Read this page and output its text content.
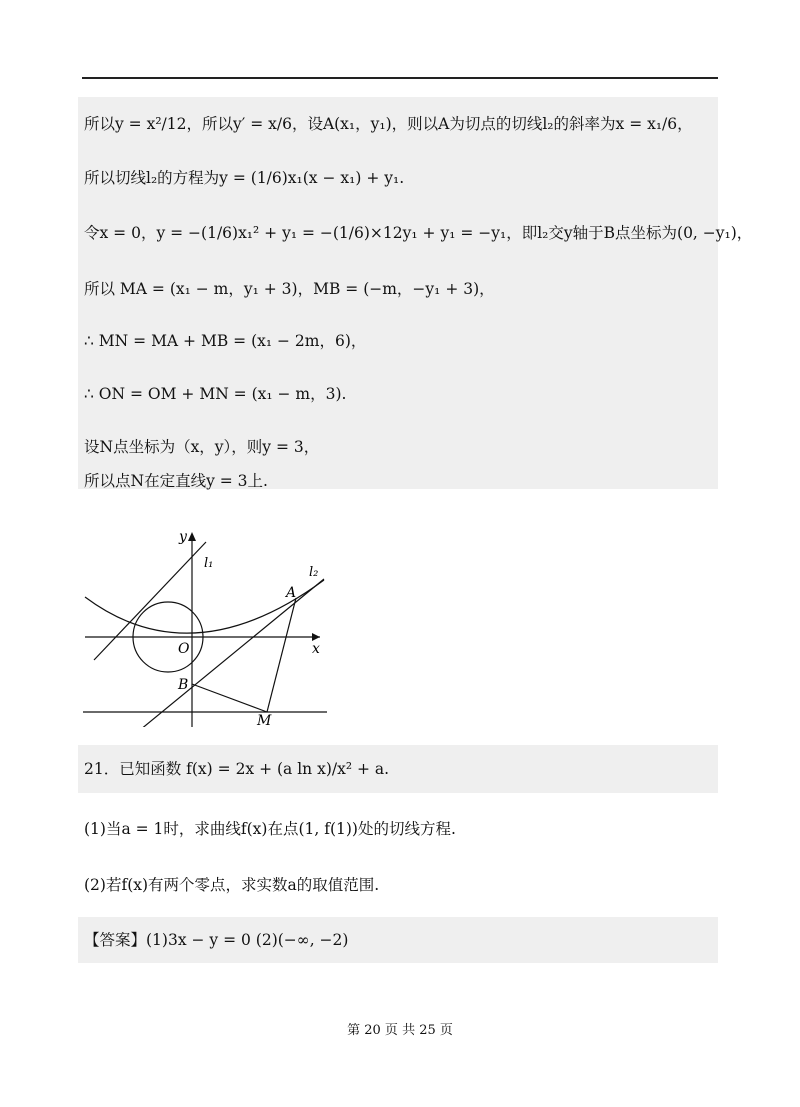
所以y = x²/12，所以y′ = x/6，设A(x₁，y₁)，则以A为切点的切线l₂的斜率为x = x₁/6，
所以切线l₂的方程为y = (1/6)x₁(x − x₁) + y₁.
令x = 0，y = −(1/6)x₁² + y₁ = −(1/6)×12y₁ + y₁ = −y₁，即l₂交y轴于B点坐标为(0, −y₁)，
所以 MA = (x₁ − m，y₁ + 3)，MB = (−m，−y₁ + 3)，
∴ MN = MA + MB = (x₁ − 2m，6)，
∴ ON = OM + MN = (x₁ − m，3).
设N点坐标为（x，y），则y = 3，
所以点N在定直线y = 3上.
y
x
l₁
l₂
A
O
B
M
21．已知函数 f(x) = 2x + (a ln x)/x² + a.
(1)当a = 1时，求曲线f(x)在点(1, f(1))处的切线方程.
(2)若f(x)有两个零点，求实数a的取值范围.
【答案】(1)3x − y = 0 (2)(−∞, −2)
第 20 页 共 25 页
